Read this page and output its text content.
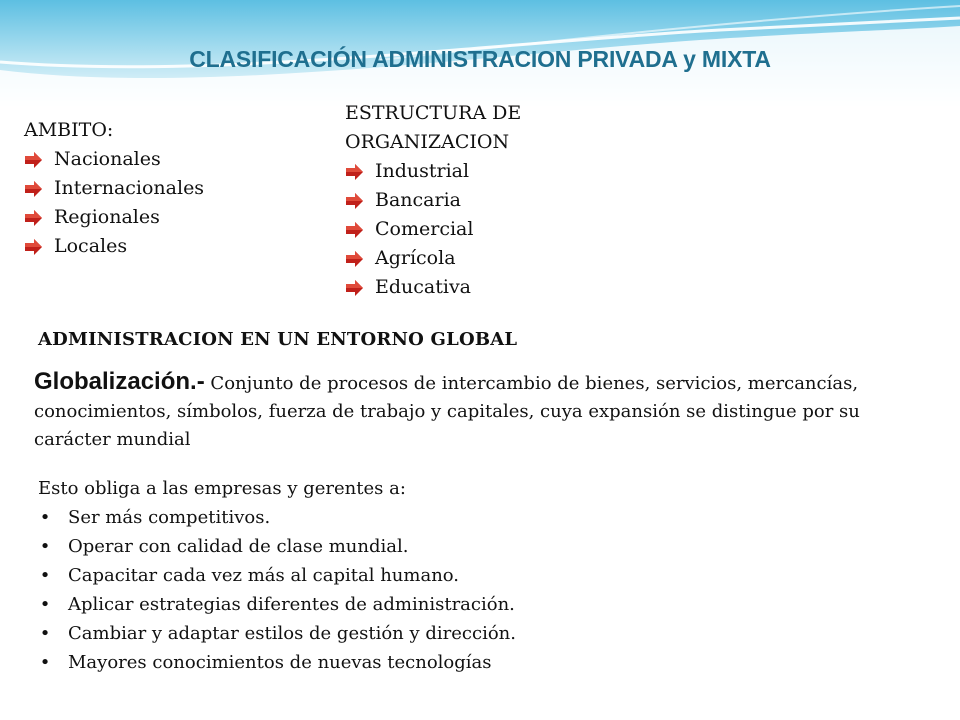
CLASIFICACIÓN ADMINISTRACION PRIVADA y MIXTA

AMBITO:

Nacionales
Internacionales
Regionales
Locales

ESTRUCTURA DE

ORGANIZACION

Industrial
Bancaria
Comercial
Agrícola
Educativa
ADMINISTRACION EN UN ENTORNO GLOBAL

Globalización.- Conjunto de procesos de intercambio de bienes, servicios, mercancías, conocimientos, símbolos, fuerza de trabajo y capitales, cuya expansión se distingue por su carácter mundial

Esto obliga a las empresas y gerentes a:

• Ser más competitivos.
• Operar con calidad de clase mundial.
• Capacitar cada vez más al capital humano.
• Aplicar estrategias diferentes de administración.
• Cambiar y adaptar estilos de gestión y dirección.
• Mayores conocimientos de nuevas tecnologías
